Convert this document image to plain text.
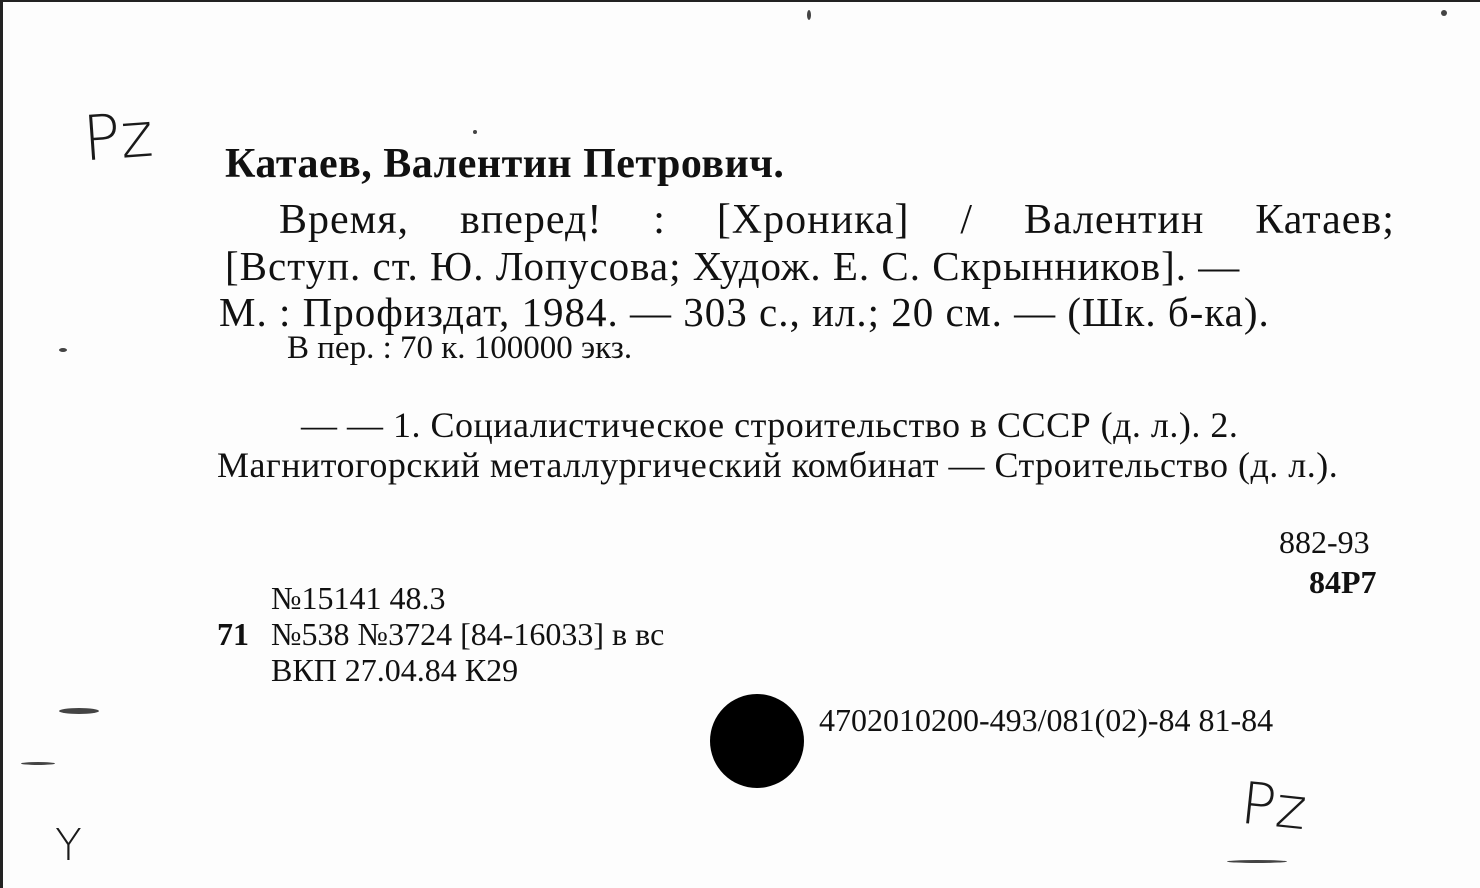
Pz
Pz
Y
Катаев, Валентин Петрович.
Время, вперед! : [Хроника] / Валентин Катаев;
[Вступ. ст. Ю. Лопусова; Худож. Е. С. Скрынников]. —
М. : Профиздат, 1984. — 303 с., ил.; 20 см. — (Шк. б-ка).
В пер. : 70 к. 100000 экз.
— — 1. Социалистическое строительство в СССР (д. л.). 2.
Магнитогорский металлургический комбинат — Строительство (д. л.).
882-93
84Р7
№15141 48.3
71 №538 №3724 [84-16033] в вс
ВКП 27.04.84 К29
4702010200-493/081(02)-84 81-84
